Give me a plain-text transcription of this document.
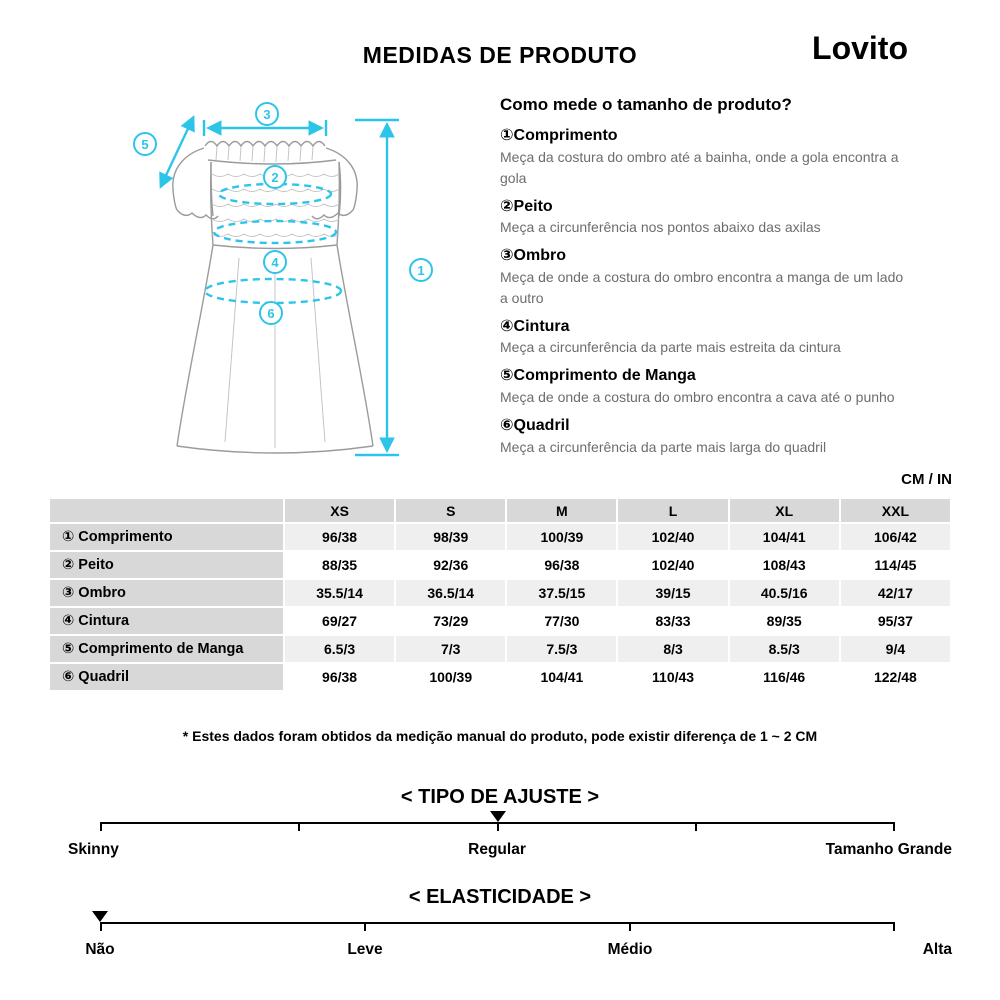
MEDIDAS DE PRODUTO	Lovito
3
5
2
4
6
1
Como mede o tamanho de produto?
①Comprimento
Meça da costura do ombro até a bainha, onde a gola encontra a gola
②Peito
Meça a circunferência nos pontos abaixo das axilas
③Ombro
Meça de onde a costura do ombro encontra a manga de um lado a outro
④Cintura
Meça a circunferência da parte mais estreita da cintura
⑤Comprimento de Manga
Meça de onde a costura do ombro encontra a cava até o punho
⑥Quadril
Meça a circunferência da parte mais larga do quadril
CM / IN
	XS	S	M	L	XL	XXL
① Comprimento	96/38	98/39	100/39	102/40	104/41	106/42
② Peito	88/35	92/36	96/38	102/40	108/43	114/45
③ Ombro	35.5/14	36.5/14	37.5/15	39/15	40.5/16	42/17
④ Cintura	69/27	73/29	77/30	83/33	89/35	95/37
⑤ Comprimento de Manga	6.5/3	7/3	7.5/3	8/3	8.5/3	9/4
⑥ Quadril	96/38	100/39	104/41	110/43	116/46	122/48
* Estes dados foram obtidos da medição manual do produto, pode existir diferença de 1 ~ 2 CM
< TIPO DE AJUSTE >
Skinny	Regular	Tamanho Grande
< ELASTICIDADE >
Não	Leve	Médio	Alta
